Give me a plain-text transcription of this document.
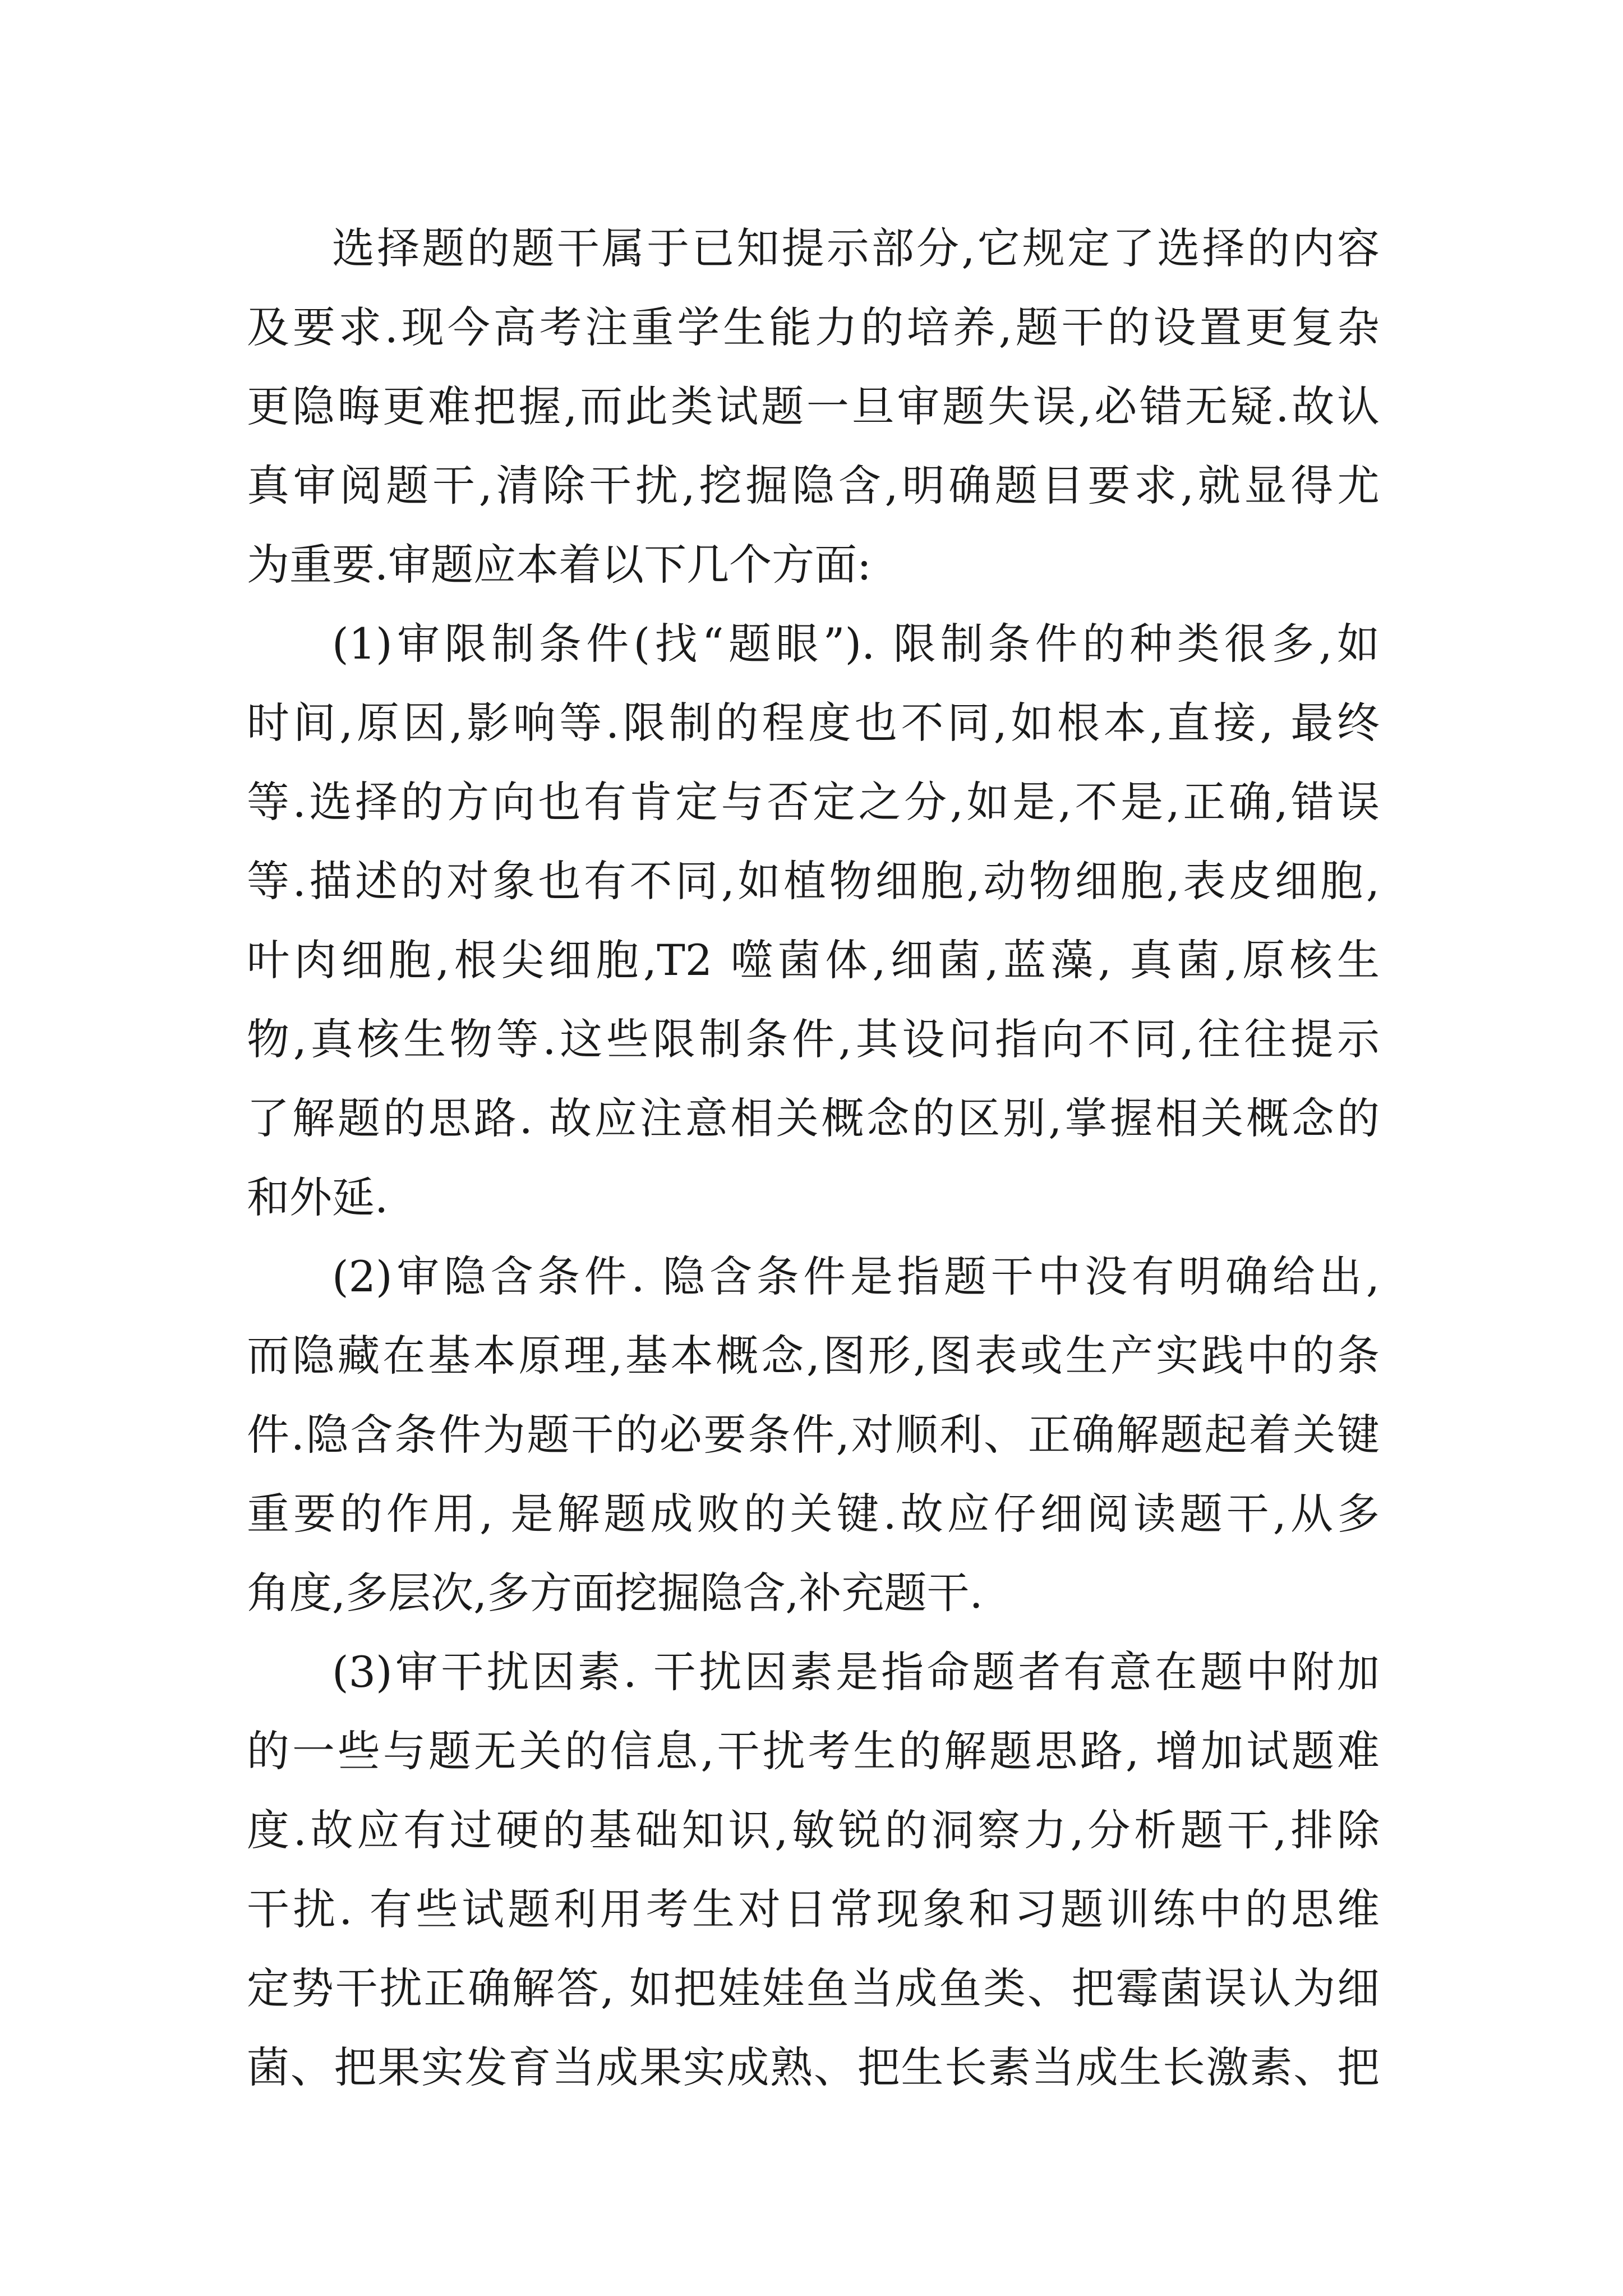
选择题的题干属于已知提示部分,它规定了选择的内容
及要求.现今高考注重学生能力的培养,题干的设置更复杂
更隐晦更难把握,而此类试题一旦审题失误,必错无疑.故认
真审阅题干,清除干扰,挖掘隐含,明确题目要求,就显得尤
为重要.审题应本着以下几个方面:
(1)审限制条件(找“题眼”). 限制条件的种类很多,如
时间,原因,影响等.限制的程度也不同,如根本,直接, 最终
等.选择的方向也有肯定与否定之分,如是,不是,正确,错误
等.描述的对象也有不同,如植物细胞,动物细胞,表皮细胞,
叶肉细胞,根尖细胞,T2 噬菌体,细菌,蓝藻, 真菌,原核生
物,真核生物等.这些限制条件,其设问指向不同,往往提示
了解题的思路. 故应注意相关概念的区别,掌握相关概念的
和外延.
(2)审隐含条件. 隐含条件是指题干中没有明确给出,
而隐藏在基本原理,基本概念,图形,图表或生产实践中的条
件.隐含条件为题干的必要条件,对顺利、正确解题起着关键
重要的作用, 是解题成败的关键.故应仔细阅读题干,从多
角度,多层次,多方面挖掘隐含,补充题干.
(3)审干扰因素. 干扰因素是指命题者有意在题中附加
的一些与题无关的信息,干扰考生的解题思路, 增加试题难
度.故应有过硬的基础知识,敏锐的洞察力,分析题干,排除
干扰. 有些试题利用考生对日常现象和习题训练中的思维
定势干扰正确解答, 如把娃娃鱼当成鱼类、把霉菌误认为细
菌、把果实发育当成果实成熟、把生长素当成生长激素、把
